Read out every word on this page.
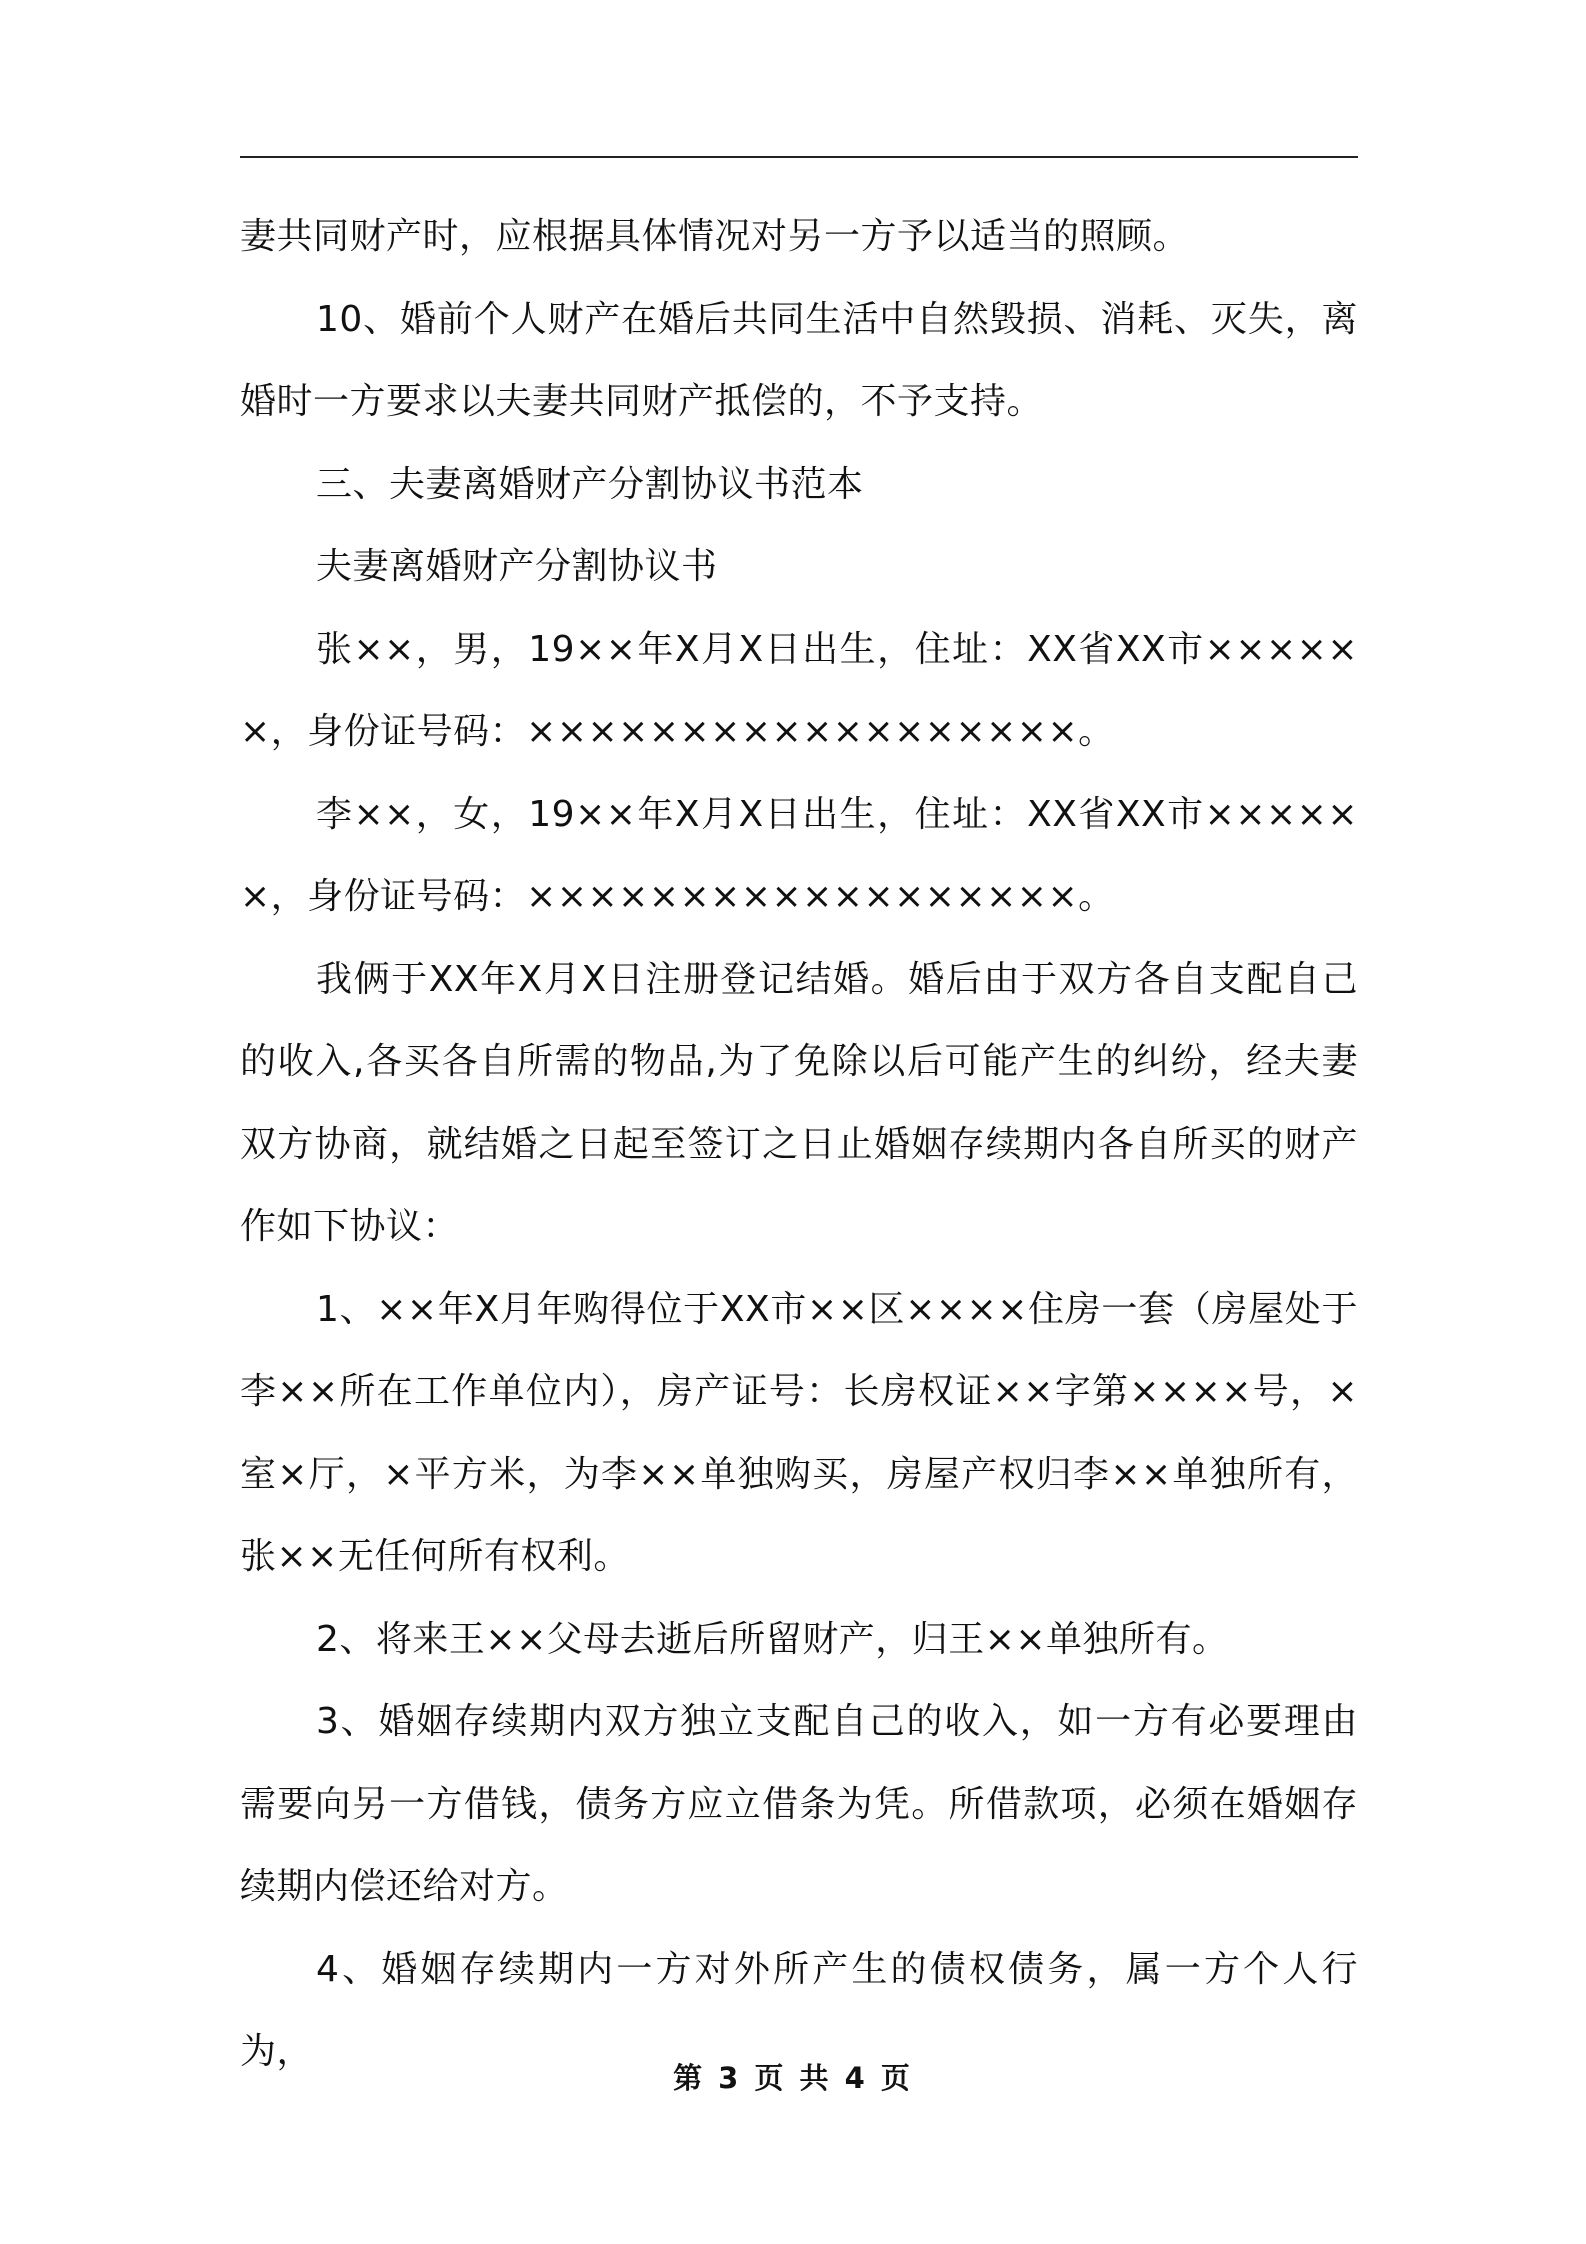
妻共同财产时，应根据具体情况对另一方予以适当的照顾。

10、婚前个人财产在婚后共同生活中自然毁损、消耗、灭失，离婚时一方要求以夫妻共同财产抵偿的，不予支持。

三、夫妻离婚财产分割协议书范本

夫妻离婚财产分割协议书

张××，男，19××年X月X日出生，住址：XX省XX市××××××，身份证号码：××××××××××××××××××。

李××，女，19××年X月X日出生，住址：XX省XX市××××××，身份证号码：××××××××××××××××××。

我俩于XX年X月X日注册登记结婚。婚后由于双方各自支配自己的收入,各买各自所需的物品,为了免除以后可能产生的纠纷，经夫妻双方协商，就结婚之日起至签订之日止婚姻存续期内各自所买的财产作如下协议：

1、××年X月年购得位于XX市××区××××住房一套（房屋处于李××所在工作单位内），房产证号：长房权证××字第××××号，×室×厅，×平方米，为李××单独购买，房屋产权归李××单独所有，张××无任何所有权利。

2、将来王××父母去逝后所留财产，归王××单独所有。

3、婚姻存续期内双方独立支配自己的收入，如一方有必要理由需要向另一方借钱，债务方应立借条为凭。所借款项，必须在婚姻存续期内偿还给对方。

4、婚姻存续期内一方对外所产生的债权债务，属一方个人行为，

第 3 页 共 4 页
